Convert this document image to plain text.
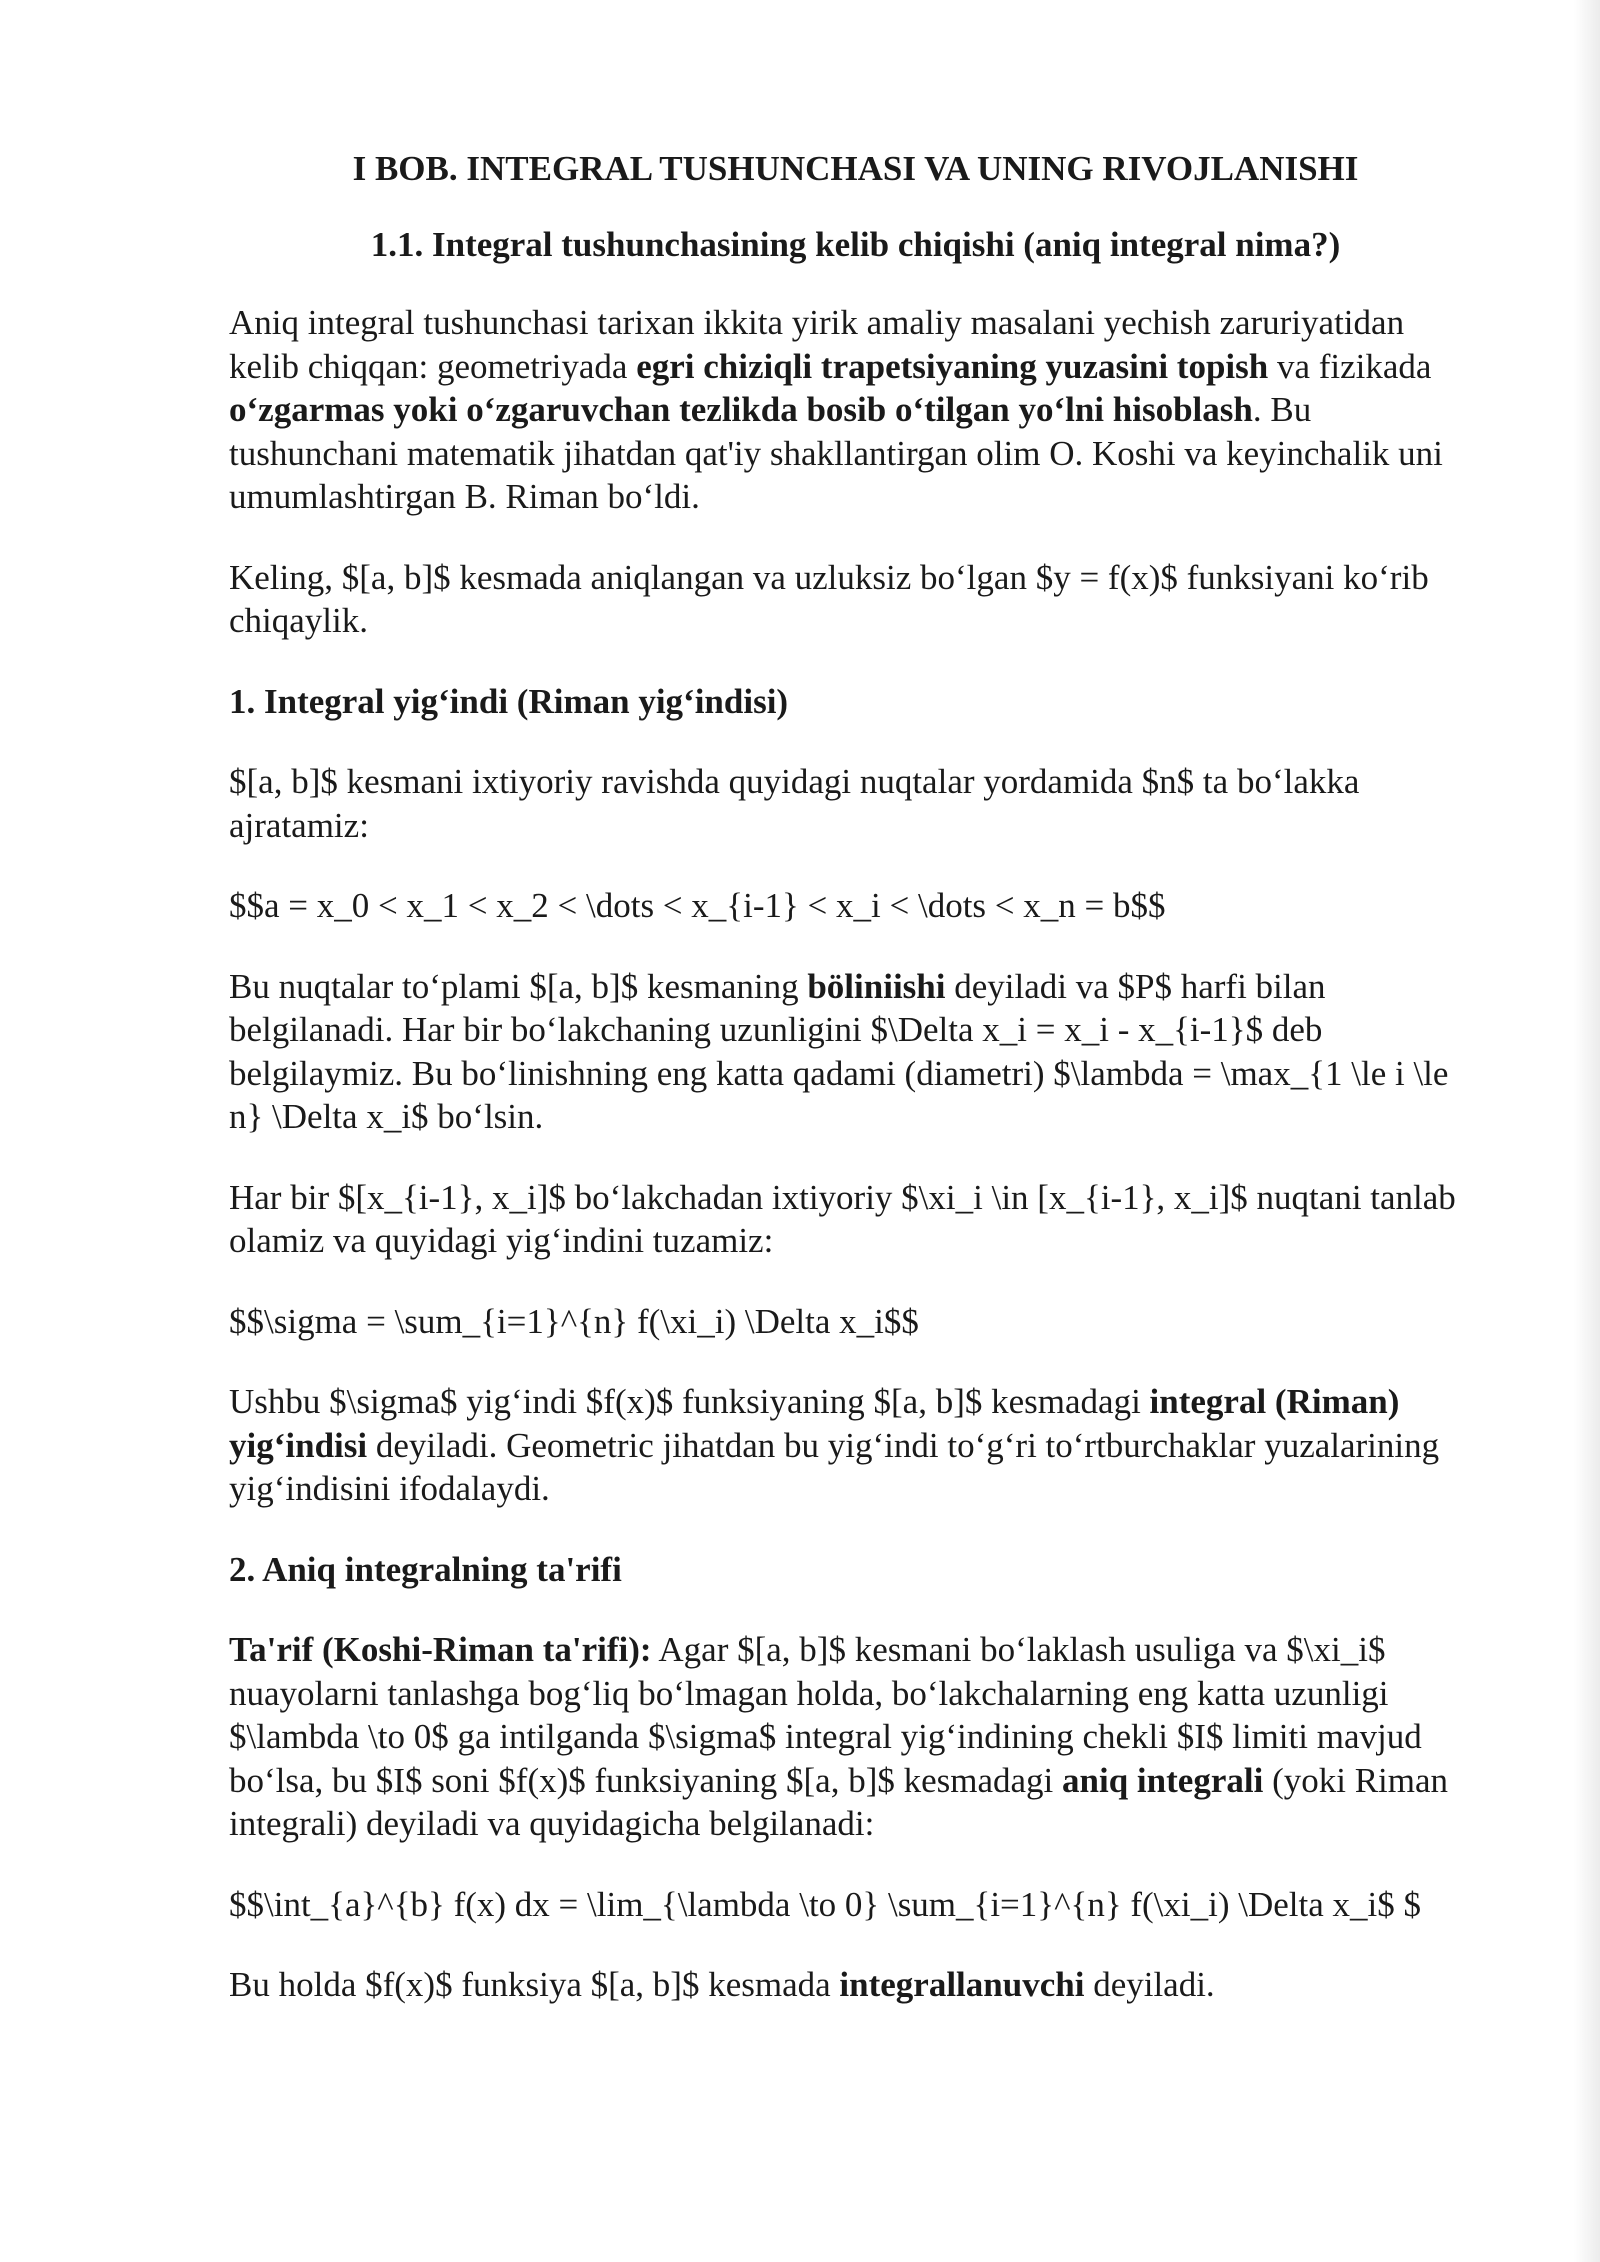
I BOB. INTEGRAL TUSHUNCHASI VA UNING RIVOJLANISHI
1.1. Integral tushunchasining kelib chiqishi (aniq integral nima?)

Aniq integral tushunchasi tarixan ikkita yirik amaliy masalani yechish zaruriyatidan kelib chiqqan: geometriyada egri chiziqli trapetsiyaning yuzasini topish va fizikada o‘zgarmas yoki o‘zgaruvchan tezlikda bosib o‘tilgan yo‘lni hisoblash. Bu tushunchani matematik jihatdan qat'iy shakllantirgan olim O. Koshi va keyinchalik uni umumlashtirgan B. Riman bo‘ldi.

Keling, $[a, b]$ kesmada aniqlangan va uzluksiz bo‘lgan $y = f(x)$ funksiyani ko‘rib chiqaylik.

1. Integral yig‘indi (Riman yig‘indisi)

$[a, b]$ kesmani ixtiyoriy ravishda quyidagi nuqtalar yordamida $n$ ta bo‘lakka ajratamiz:

$$a = x_0 < x_1 < x_2 < \dots < x_{i-1} < x_i < \dots < x_n = b$$

Bu nuqtalar to‘plami $[a, b]$ kesmaning böliniishi deyiladi va $P$ harfi bilan belgilanadi. Har bir bo‘lakchaning uzunligini $\Delta x_i = x_i - x_{i-1}$ deb belgilaymiz. Bu bo‘linishning eng katta qadami (diametri) $\lambda = \max_{1 \le i \le n} \Delta x_i$ bo‘lsin.

Har bir $[x_{i-1}, x_i]$ bo‘lakchadan ixtiyoriy $\xi_i \in [x_{i-1}, x_i]$ nuqtani tanlab olamiz va quyidagi yig‘indini tuzamiz:

$$\sigma = \sum_{i=1}^{n} f(\xi_i) \Delta x_i$$

Ushbu $\sigma$ yig‘indi $f(x)$ funksiyaning $[a, b]$ kesmadagi integral (Riman) yig‘indisi deyiladi. Geometric jihatdan bu yig‘indi to‘g‘ri to‘rtburchaklar yuzalarining yig‘indisini ifodalaydi.

2. Aniq integralning ta'rifi

Ta'rif (Koshi-Riman ta'rifi): Agar $[a, b]$ kesmani bo‘laklash usuliga va $\xi_i$ nuayolarni tanlashga bog‘liq bo‘lmagan holda, bo‘lakchalarning eng katta uzunligi $\lambda \to 0$ ga intilganda $\sigma$ integral yig‘indining chekli $I$ limiti mavjud bo‘lsa, bu $I$ soni $f(x)$ funksiyaning $[a, b]$ kesmadagi aniq integrali (yoki Riman integrali) deyiladi va quyidagicha belgilanadi:

$$\int_{a}^{b} f(x) dx = \lim_{\lambda \to 0} \sum_{i=1}^{n} f(\xi_i) \Delta x_i$ $

Bu holda $f(x)$ funksiya $[a, b]$ kesmada integrallanuvchi deyiladi.
